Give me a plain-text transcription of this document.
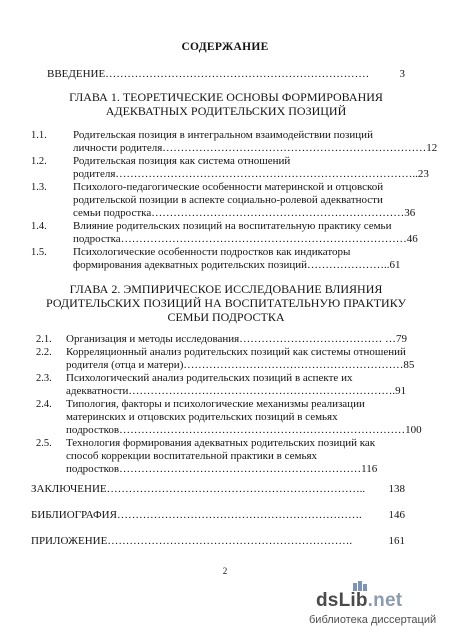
СОДЕРЖАНИЕ
ВВЕДЕНИЕ………………………………………………………………	3
ГЛАВА 1. ТЕОРЕТИЧЕСКИЕ ОСНОВЫ ФОРМИРОВАНИЯ
АДЕКВАТНЫХ РОДИТЕЛЬСКИХ ПОЗИЦИЙ
1.1. Родительская позиция в интегральном взаимодействии позиций
личности родителя………………………………………………………………12
1.2. Родительская позиция как система отношений
родителя………………………………………………………………………..23
1.3. Психолого-педагогические особенности материнской и отцовской
родительской позиции в аспекте социально-ролевой адекватности
семьи подростка……………………………………………………………36
1.4. Влияние родительских позиций на воспитательную практику семьи
подростка……………………………………………………………………46
1.5. Психологические особенности подростков как индикаторы
формирования адекватных родительских позиций…………………..61
ГЛАВА 2. ЭМПИРИЧЕСКОЕ ИССЛЕДОВАНИЕ ВЛИЯНИЯ
РОДИТЕЛЬСКИХ ПОЗИЦИЙ НА ВОСПИТАТЕЛЬНУЮ ПРАКТИКУ
СЕМЬИ ПОДРОСТКА
2.1. Организация и методы исследования………………………………… …79
2.2. Корреляционный анализ родительских позиций как системы отношений
родителя (отца и матери)……………………………………………………85
2.3. Психологический анализ родительских позиций в аспекте их
адекватности……………………………………………………………….91
2.4. Типология, факторы и психологические механизмы реализации
материнских и отцовских родительских позиций в семьях
подростков……………………………………………………………………100
2.5. Технология формирования адекватных родительских позиций как
способ коррекции воспитательной практики в семьях
подростков…………………………………………………………116
ЗАКЛЮЧЕНИЕ…………………………………………………………….. 138
БИБЛИОГРАФИЯ…………………………………………………………. 146
ПРИЛОЖЕНИЕ………………………………………………………….	161
2
dsLib.net
библиотека диссертаций
